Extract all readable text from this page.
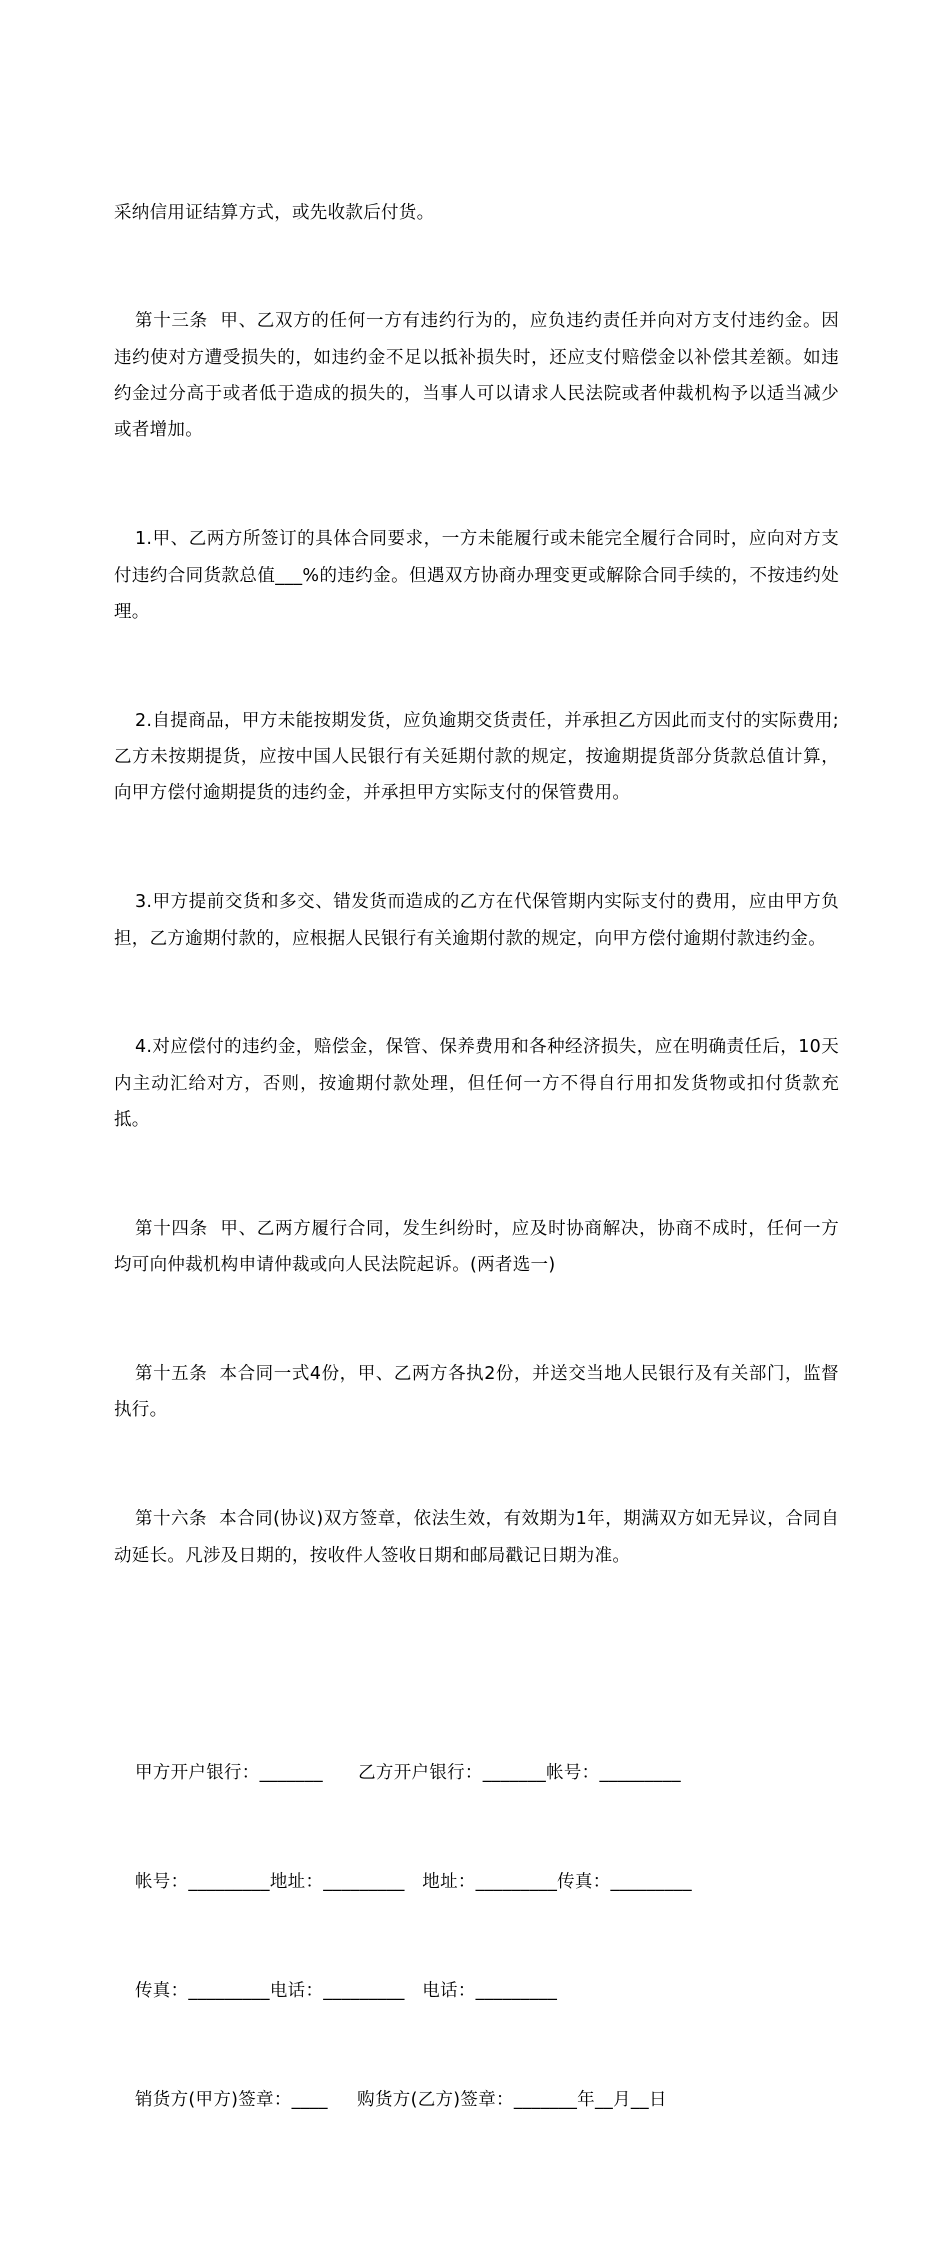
采纳信用证结算方式，或先收款后付货。

第十三条  甲、乙双方的任何一方有违约行为的，应负违约责任并向对方支付违约金。因违约使对方遭受损失的，如违约金不足以抵补损失时，还应支付赔偿金以补偿其差额。如违约金过分高于或者低于造成的损失的，当事人可以请求人民法院或者仲裁机构予以适当减少或者增加。

1.甲、乙两方所签订的具体合同要求，一方未能履行或未能完全履行合同时，应向对方支付违约合同货款总值___%的违约金。但遇双方协商办理变更或解除合同手续的，不按违约处理。

2.自提商品，甲方未能按期发货，应负逾期交货责任，并承担乙方因此而支付的实际费用;乙方未按期提货，应按中国人民银行有关延期付款的规定，按逾期提货部分货款总值计算，向甲方偿付逾期提货的违约金，并承担甲方实际支付的保管费用。

3.甲方提前交货和多交、错发货而造成的乙方在代保管期内实际支付的费用，应由甲方负担，乙方逾期付款的，应根据人民银行有关逾期付款的规定，向甲方偿付逾期付款违约金。

4.对应偿付的违约金，赔偿金，保管、保养费用和各种经济损失，应在明确责任后，10天内主动汇给对方，否则，按逾期付款处理，但任何一方不得自行用扣发货物或扣付货款充抵。

第十四条  甲、乙两方履行合同，发生纠纷时，应及时协商解决，协商不成时，任何一方均可向仲裁机构申请仲裁或向人民法院起诉。(两者选一)

第十五条  本合同一式4份，甲、乙两方各执2份，并送交当地人民银行及有关部门，监督执行。

第十六条  本合同(协议)双方签章，依法生效，有效期为1年，期满双方如无异议，合同自动延长。凡涉及日期的，按收件人签收日期和邮局戳记日期为准。

甲方开户银行：_______      乙方开户银行：_______帐号：_________

帐号：_________地址：_________   地址：_________传真：_________

传真：_________电话：_________   电话：_________

销货方(甲方)签章：____     购货方(乙方)签章：_______年__月__日
